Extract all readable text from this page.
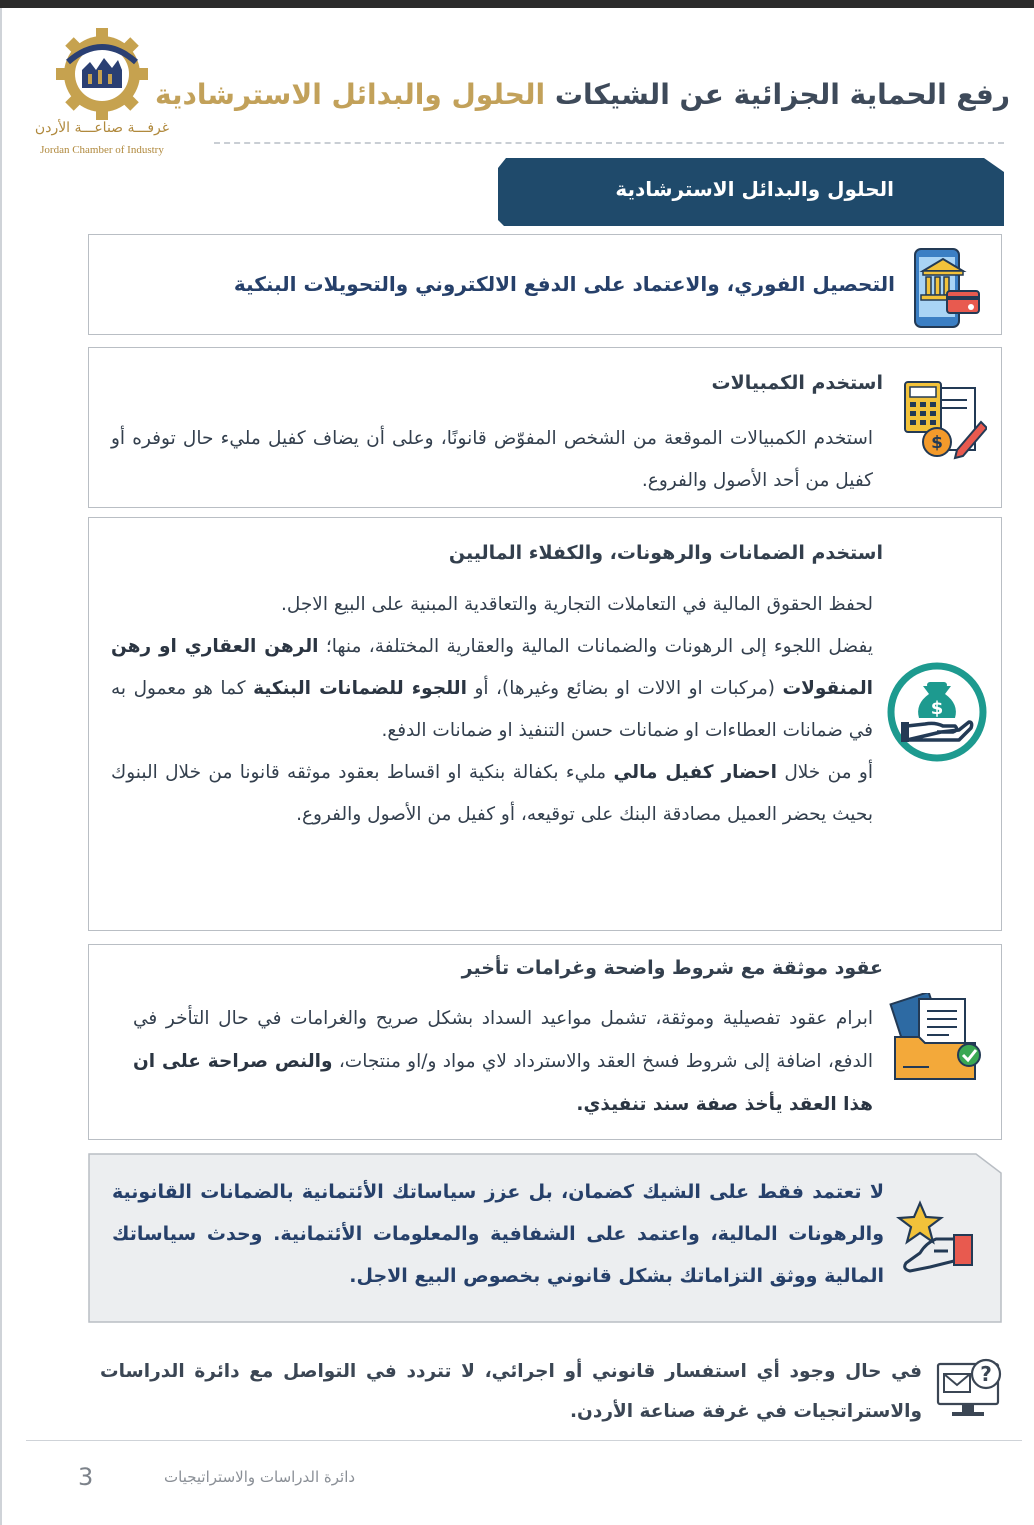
غرفـــة صناعـــة الأردن
Jordan Chamber of Industry
رفع الحماية الجزائية عن الشيكات الحلول والبدائل الاسترشادية
الحلول والبدائل الاسترشادية
التحصيل الفوري، والاعتماد على الدفع الالكتروني والتحويلات البنكية
استخدم الكمبيالات
استخدم الكمبيالات الموقعة من الشخص المفوّض قانونًا، وعلى أن يضاف كفيل مليء حال توفره أو كفيل من أحد الأصول والفروع.
$
استخدم الضمانات والرهونات، والكفلاء الماليين

لحفظ الحقوق المالية في التعاملات التجارية والتعاقدية المبنية على البيع الاجل.

يفضل اللجوء إلى الرهونات والضمانات المالية والعقارية المختلفة، منها؛ الرهن العقاري او رهن المنقولات (مركبات او الالات او بضائع وغيرها)، أو اللجوء للضمانات البنكية كما هو معمول به في ضمانات العطاءات او ضمانات حسن التنفيذ او ضمانات الدفع.

أو من خلال احضار كفيل مالي مليء بكفالة بنكية او اقساط بعقود موثقه قانونا من خلال البنوك بحيث يحضر العميل مصادقة البنك على توقيعه، أو كفيل من الأصول والفروع.

$
عقود موثقة مع شروط واضحة وغرامات تأخير
ابرام عقود تفصيلية وموثقة، تشمل مواعيد السداد بشكل صريح والغرامات في حال التأخر في الدفع، اضافة إلى شروط فسخ العقد والاسترداد لاي مواد و/او منتجات، والنص صراحة على ان هذا العقد يأخذ صفة سند تنفيذي.
لا تعتمد فقط على الشيك كضمان، بل عزز سياساتك الأئتمانية بالضمانات القانونية والرهونات المالية، واعتمد على الشفافية والمعلومات الأئتمانية. وحدث سياساتك المالية ووثق التزاماتك بشكل قانوني بخصوص البيع الاجل.
في حال وجود أي استفسار قانوني أو اجرائي، لا تتردد في التواصل مع دائرة الدراسات والاستراتجيات في غرفة صناعة الأردن.
?
دائرة الدراسات والاستراتيجيات
3
